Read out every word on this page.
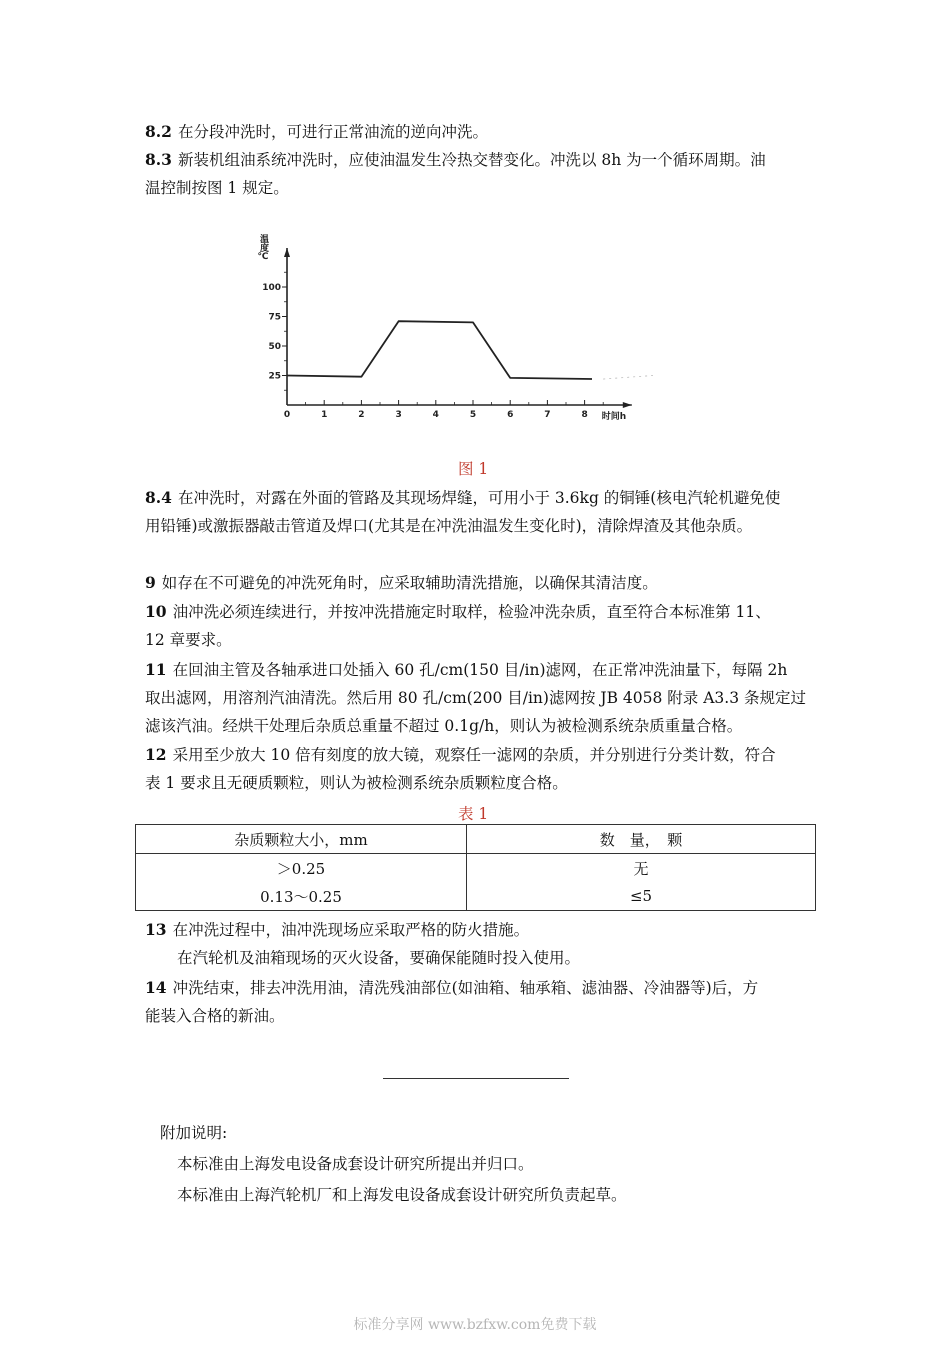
8.2 在分段冲洗时，可进行正常油流的逆向冲洗。
8.3 新装机组油系统冲洗时，应使油温发生冷热交替变化。冲洗以 8h 为一个循环周期。油
温控制按图 1 规定。
0	1	2	3	4	5	6	7	8
25
50
75
100
温度℃
时间h
图 1
8.4 在冲洗时，对露在外面的管路及其现场焊缝，可用小于 3.6kg 的铜锤(核电汽轮机避免使
用铅锤)或激振器敲击管道及焊口(尤其是在冲洗油温发生变化时)，清除焊渣及其他杂质。
9 如存在不可避免的冲洗死角时，应采取辅助清洗措施，以确保其清洁度。
10 油冲洗必须连续进行，并按冲洗措施定时取样，检验冲洗杂质，直至符合本标准第 11、
12 章要求。
11 在回油主管及各轴承进口处插入 60 孔/cm(150 目/in)滤网，在正常冲洗油量下，每隔 2h
取出滤网，用溶剂汽油清洗。然后用 80 孔/cm(200 目/in)滤网按 JB 4058 附录 A3.3 条规定过
滤该汽油。经烘干处理后杂质总重量不超过 0.1g/h，则认为被检测系统杂质重量合格。
12 采用至少放大 10 倍有刻度的放大镜，观察任一滤网的杂质，并分别进行分类计数，符合
表 1 要求且无硬质颗粒，则认为被检测系统杂质颗粒度合格。
表 1
杂质颗粒大小，mm	数　量，　颗
＞0.25	无
0.13～0.25	≤5
13 在冲洗过程中，油冲洗现场应采取严格的防火措施。
在汽轮机及油箱现场的灭火设备，要确保能随时投入使用。
14 冲洗结束，排去冲洗用油，清洗残油部位(如油箱、轴承箱、滤油器、冷油器等)后，方
能装入合格的新油。
附加说明:
本标准由上海发电设备成套设计研究所提出并归口。
本标准由上海汽轮机厂和上海发电设备成套设计研究所负责起草。
标准分享网 www.bzfxw.com免费下载
